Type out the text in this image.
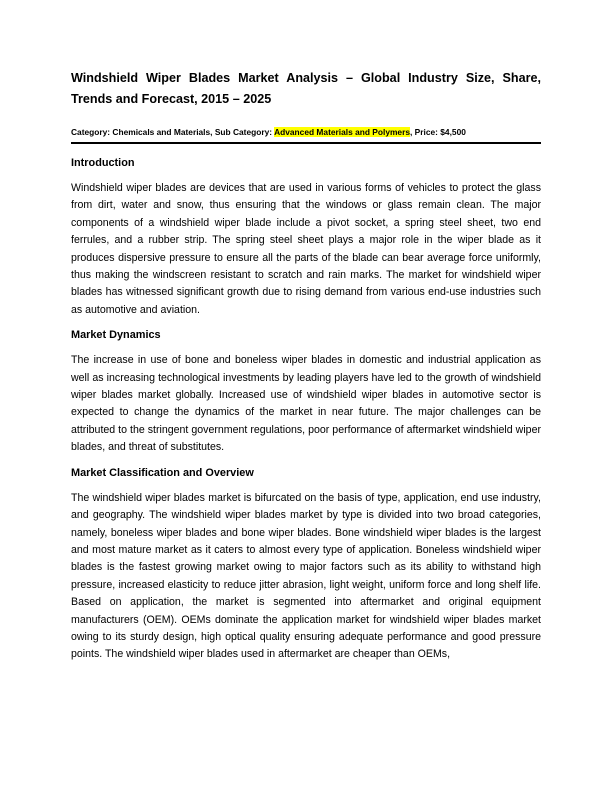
Windshield Wiper Blades Market Analysis – Global Industry Size, Share, Trends and Forecast, 2015 – 2025
Category: Chemicals and Materials, Sub Category: Advanced Materials and Polymers, Price: $4,500
Introduction

Windshield wiper blades are devices that are used in various forms of vehicles to protect the glass from dirt, water and snow, thus ensuring that the windows or glass remain clean. The major components of a windshield wiper blade include a pivot socket, a spring steel sheet, two end ferrules, and a rubber strip. The spring steel sheet plays a major role in the wiper blade as it produces dispersive pressure to ensure all the parts of the blade can bear average force uniformly, thus making the windscreen resistant to scratch and rain marks. The market for windshield wiper blades has witnessed significant growth due to rising demand from various end-use industries such as automotive and aviation.

Market Dynamics

The increase in use of bone and boneless wiper blades in domestic and industrial application as well as increasing technological investments by leading players have led to the growth of windshield wiper blades market globally. Increased use of windshield wiper blades in automotive sector is expected to change the dynamics of the market in near future. The major challenges can be attributed to the stringent government regulations, poor performance of aftermarket windshield wiper blades, and threat of substitutes.

Market Classification and Overview

The windshield wiper blades market is bifurcated on the basis of type, application, end use industry, and geography. The windshield wiper blades market by type is divided into two broad categories, namely, boneless wiper blades and bone wiper blades. Bone windshield wiper blades is the largest and most mature market as it caters to almost every type of application. Boneless windshield wiper blades is the fastest growing market owing to major factors such as its ability to withstand high pressure, increased elasticity to reduce jitter abrasion, light weight, uniform force and long shelf life. Based on application, the market is segmented into aftermarket and original equipment manufacturers (OEM). OEMs dominate the application market for windshield wiper blades market owing to its sturdy design, high optical quality ensuring adequate performance and good pressure points. The windshield wiper blades used in aftermarket are cheaper than OEMs,
